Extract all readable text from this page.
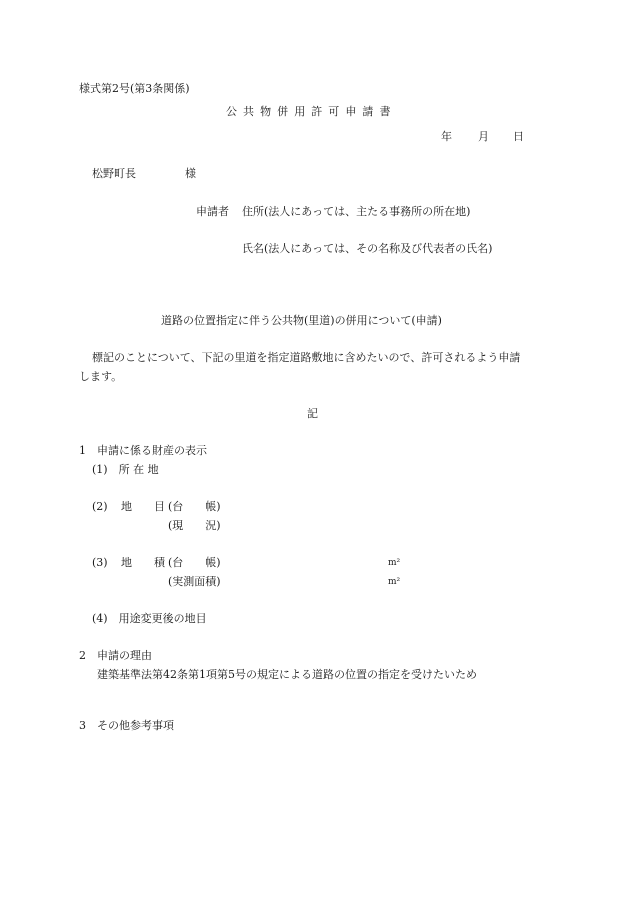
様式第2号(第3条関係)
公共物併用許可申請書
年 月 日
松野町長	様
申請者 住所(法人にあっては、主たる事務所の所在地)
氏名(法人にあっては、その名称及び代表者の氏名)
道路の位置指定に伴う公共物(里道)の併用について(申請)
標記のことについて、下記の里道を指定道路敷地に含めたいので、許可されるよう申請
します。
記
1　申請に係る財産の表示
(1)　所 在 地
(2) 地　　目 (台　　帳)
(現　　況)
(3) 地　　積 (台　　帳)	m²
(実測面積)	m²
(4)　用途変更後の地目
2　申請の理由
建築基準法第42条第1項第5号の規定による道路の位置の指定を受けたいため
3　その他参考事項
